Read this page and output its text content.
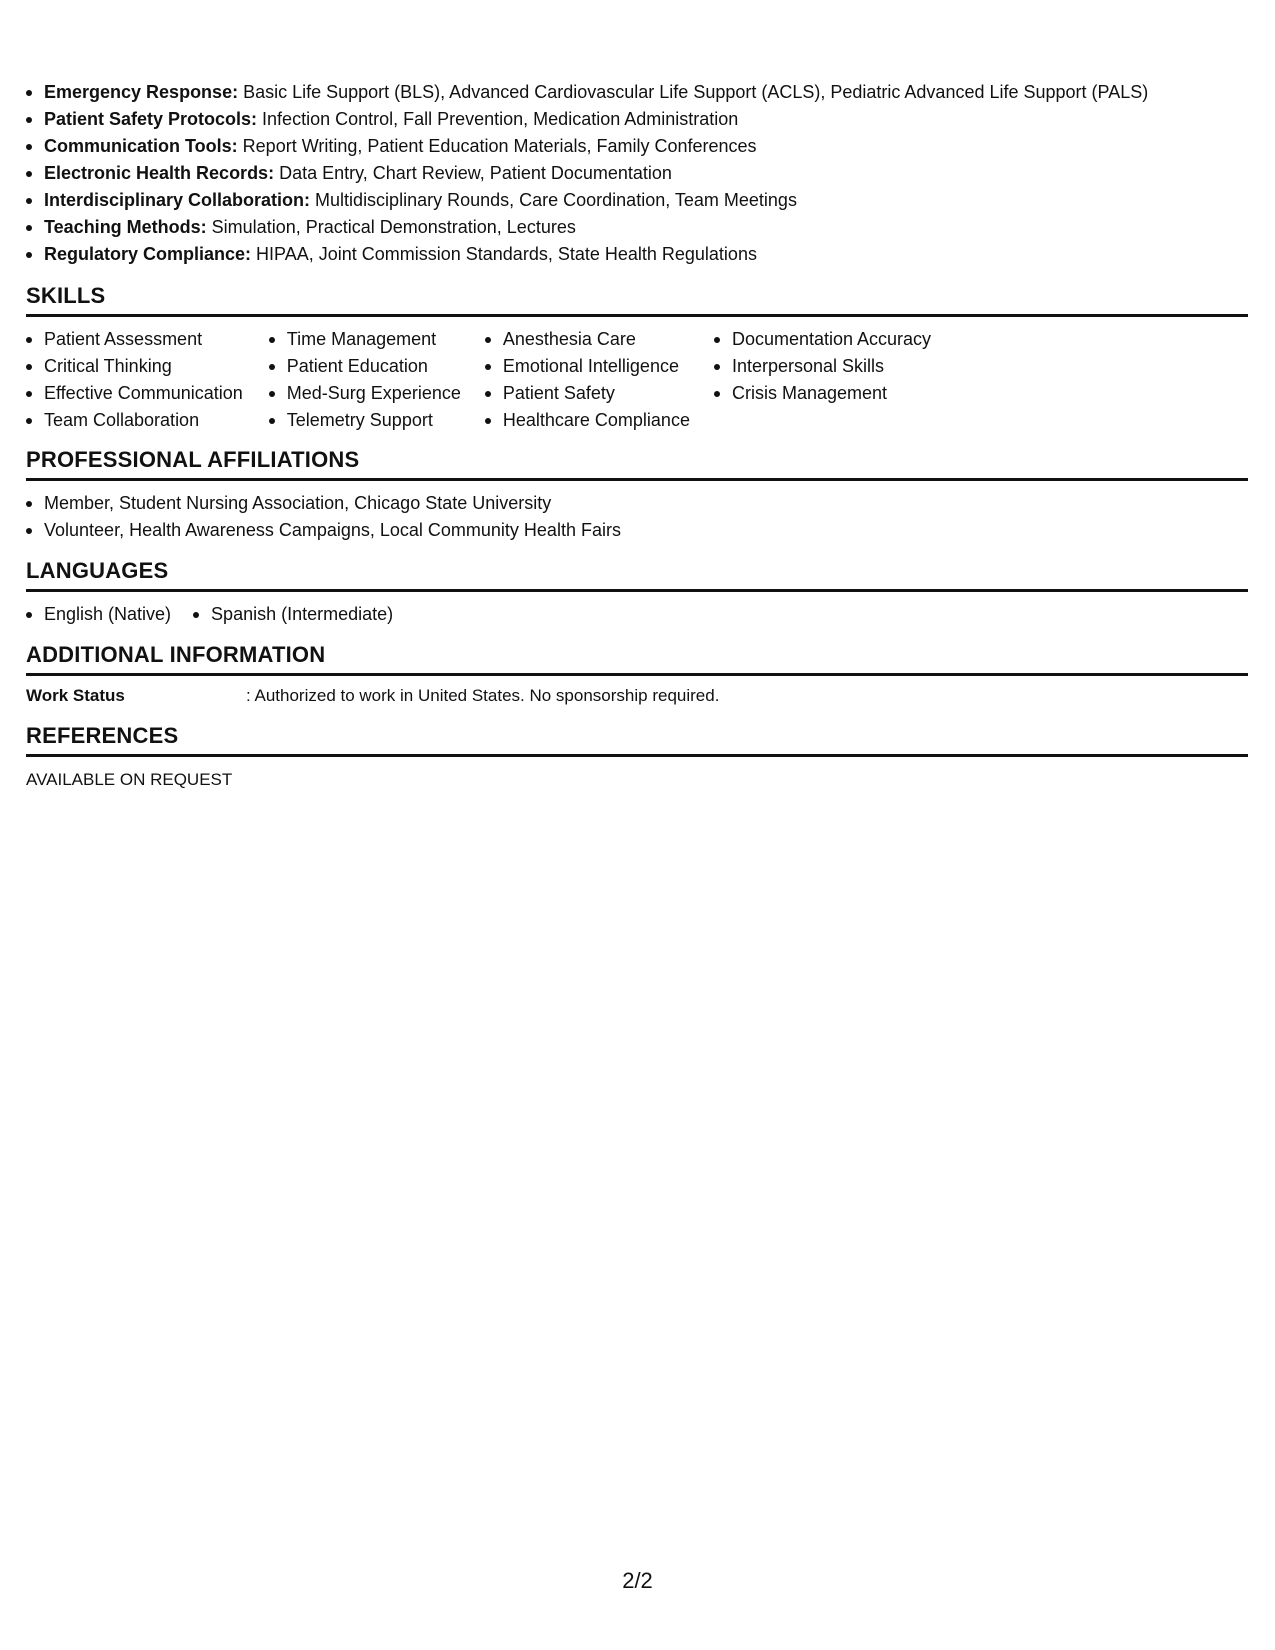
Emergency Response: Basic Life Support (BLS), Advanced Cardiovascular Life Support (ACLS), Pediatric Advanced Life Support (PALS)
Patient Safety Protocols: Infection Control, Fall Prevention, Medication Administration
Communication Tools: Report Writing, Patient Education Materials, Family Conferences
Electronic Health Records: Data Entry, Chart Review, Patient Documentation
Interdisciplinary Collaboration: Multidisciplinary Rounds, Care Coordination, Team Meetings
Teaching Methods: Simulation, Practical Demonstration, Lectures
Regulatory Compliance: HIPAA, Joint Commission Standards, State Health Regulations
SKILLS
Patient Assessment
Critical Thinking
Effective Communication
Team Collaboration
Time Management
Patient Education
Med-Surg Experience
Telemetry Support
Anesthesia Care
Emotional Intelligence
Patient Safety
Healthcare Compliance
Documentation Accuracy
Interpersonal Skills
Crisis Management
PROFESSIONAL AFFILIATIONS
Member, Student Nursing Association, Chicago State University
Volunteer, Health Awareness Campaigns, Local Community Health Fairs
LANGUAGES
English (Native)	Spanish (Intermediate)
ADDITIONAL INFORMATION
Work Status	: Authorized to work in United States. No sponsorship required.
REFERENCES
AVAILABLE ON REQUEST
2/2
